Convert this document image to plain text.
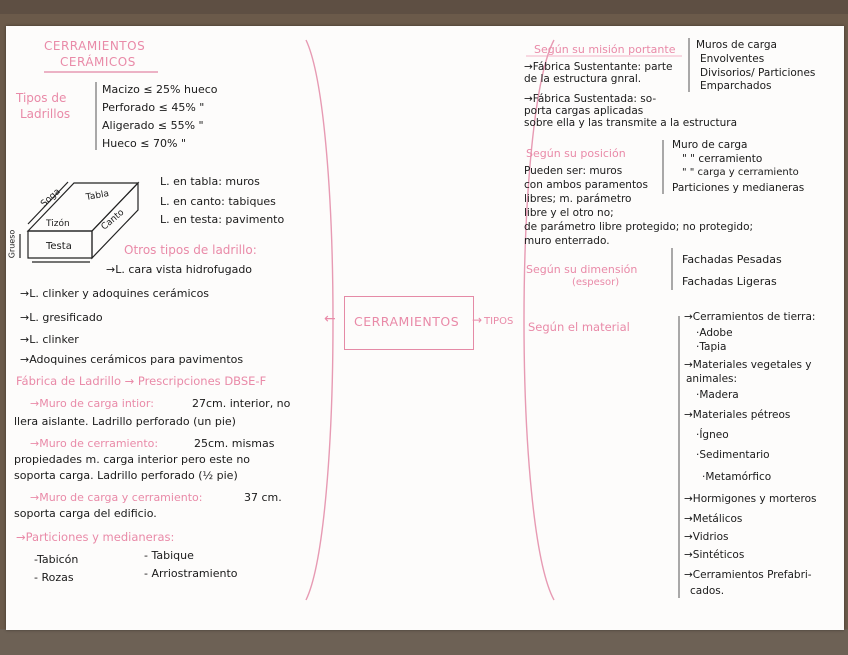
CERRAMIENTOS
CERÁMICOS
Tipos de
Ladrillos
Macizo ≤ 25% hueco
Perforado ≤ 45% "
Aligerado ≤ 55% "
Hueco ≤ 70% "
Soga	Tabla
Tizón	Canto
Testa
Grueso
L. en tabla: muros
L. en canto: tabiques
L. en testa: pavimento
Otros tipos de ladrillo:
→L. cara vista hidrofugado
→L. clinker y adoquines cerámicos
→L. gresificado
→L. clinker
→Adoquines cerámicos para pavimentos
Fábrica de Ladrillo → Prescripciones DBSE-F
→Muro de carga intior:	27cm. interior, no
llera aislante. Ladrillo perforado (un pie)
→Muro de cerramiento:	25cm. mismas
propiedades m. carga interior pero este no
soporta carga. Ladrillo perforado (½ pie)
→Muro de carga y cerramiento:	37 cm.
soporta carga del edificio.
→Particiones y medianeras:
-Tabicón	- Tabique
- Rozas	- Arriostramiento
← CERRAMIENTOS → TIPOS
Según su misión portante
→Fábrica Sustentante: parte
de la estructura gnral.
→Fábrica Sustentada: so-
porta cargas aplicadas
sobre ella y las transmite a la estructura
Muros de carga
Envolventes
Divisorios/ Particiones
Emparchados
Según su posición
Pueden ser: muros
con ambos paramentos
libres; m. parámetro
libre y el otro no;
de parámetro libre protegido; no protegido;
muro enterrado.
Muro de carga
" " cerramiento
" " carga y cerramiento
Particiones y medianeras
Según su dimensión
(espesor)
Fachadas Pesadas
Fachadas Ligeras
Según el material
→Cerramientos de tierra:
·Adobe
·Tapia
→Materiales vegetales y
animales:
·Madera
→Materiales pétreos
·Ígneo
·Sedimentario
·Metamórfico
→Hormigones y morteros
→Metálicos
→Vidrios
→Sintéticos
→Cerramientos Prefabri-
cados.
